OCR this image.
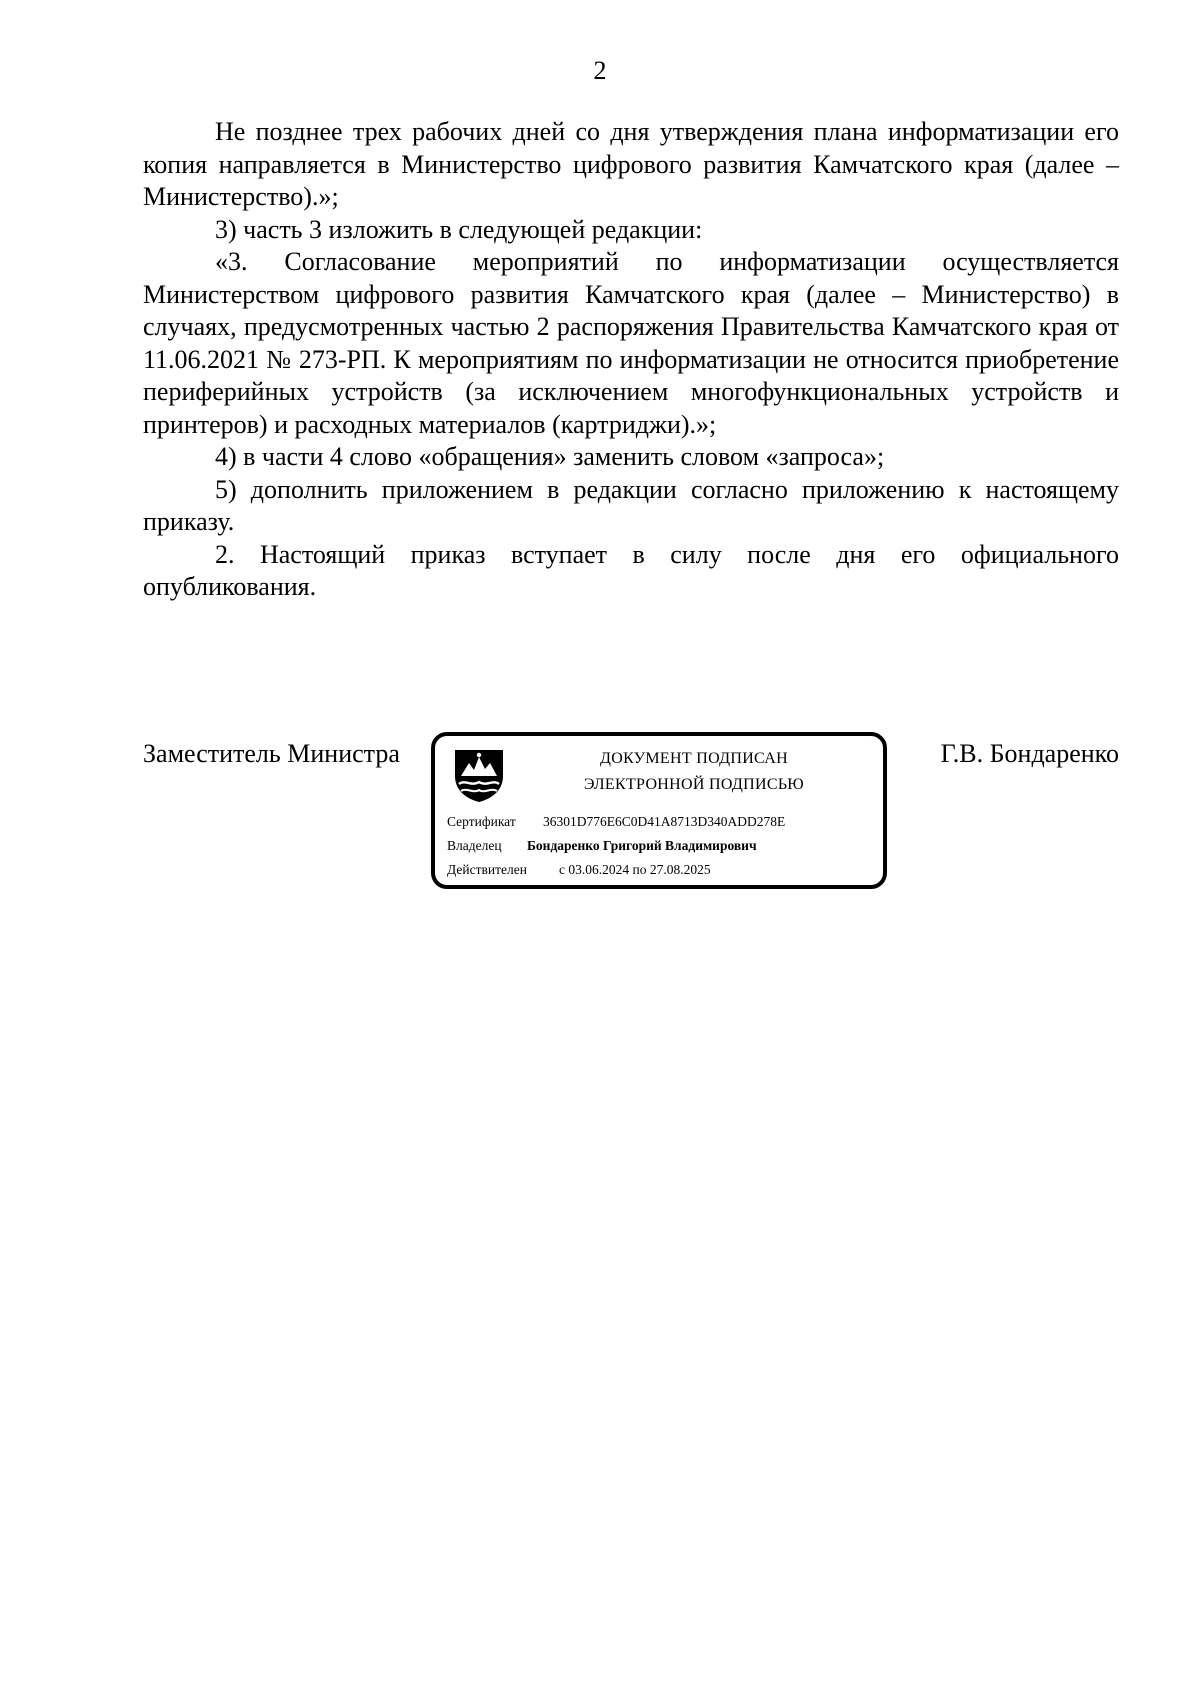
2

Не позднее трех рабочих дней со дня утверждения плана информатизации его копия направляется в Министерство цифрового развития Камчатского края (далее – Министерство).»;

3) часть 3 изложить в следующей редакции:

«3. Согласование мероприятий по информатизации осуществляется Министерством цифрового развития Камчатского края (далее – Министерство) в случаях, предусмотренных частью 2 распоряжения Правительства Камчатского края от 11.06.2021 № 273-РП. К мероприятиям по информатизации не относится приобретение периферийных устройств (за исключением многофункциональных устройств и принтеров) и расходных материалов (картриджи).»;

4) в части 4 слово «обращения» заменить словом «запроса»;

5) дополнить приложением в редакции согласно приложению к настоящему приказу.

2. Настоящий приказ вступает в силу после дня его официального опубликования.

Заместитель Министра	ДОКУМЕНТ ПОДПИСАН
ЭЛЕКТРОННОЙ ПОДПИСЬЮ
Сертификат 36301D776E6C0D41A8713D340ADD278E
Владелец Бондаренко Григорий Владимирович
Действителен с 03.06.2024 по 27.08.2025
Г.В. Бондаренко
